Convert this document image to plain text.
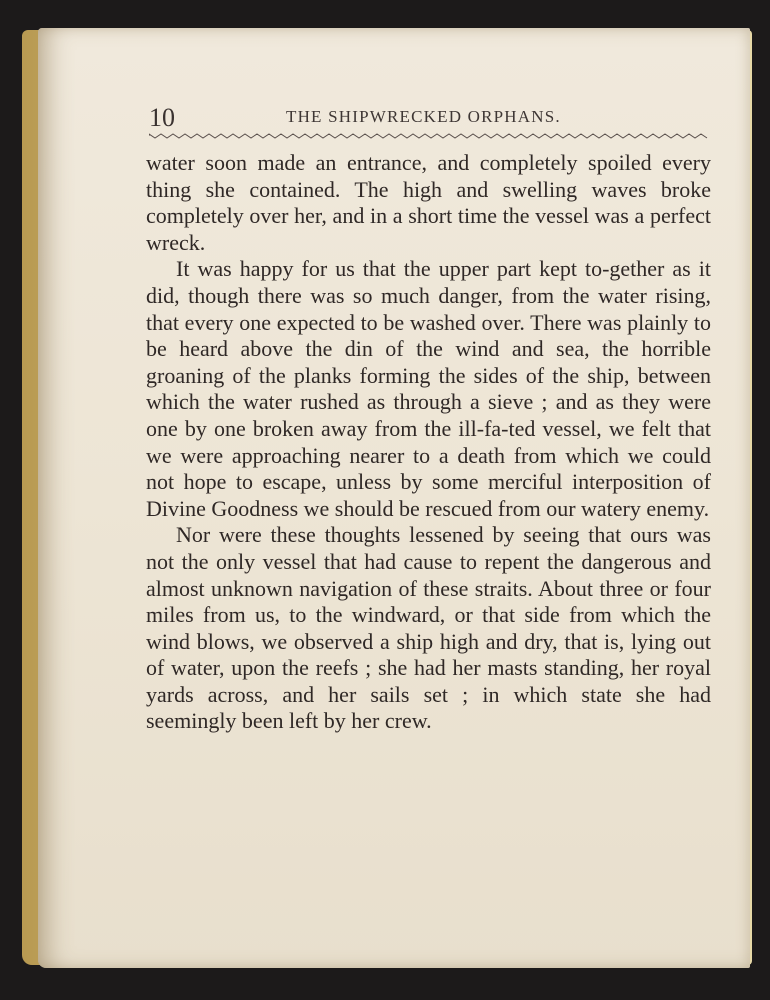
10	THE SHIPWRECKED ORPHANS.

water soon made an entrance, and completely spoiled every thing she contained. The high and swelling waves broke completely over her, and in a short time the vessel was a perfect wreck.

It was happy for us that the upper part kept to-gether as it did, though there was so much danger, from the water rising, that every one expected to be washed over. There was plainly to be heard above the din of the wind and sea, the horrible groaning of the planks forming the sides of the ship, between which the water rushed as through a sieve ; and as they were one by one broken away from the ill-fa-ted vessel, we felt that we were approaching nearer to a death from which we could not hope to escape, unless by some merciful interposition of Divine Goodness we should be rescued from our watery enemy.

Nor were these thoughts lessened by seeing that ours was not the only vessel that had cause to repent the dangerous and almost unknown navigation of these straits. About three or four miles from us, to the windward, or that side from which the wind blows, we observed a ship high and dry, that is, lying out of water, upon the reefs ; she had her masts standing, her royal yards across, and her sails set ; in which state she had seemingly been left by her crew.
